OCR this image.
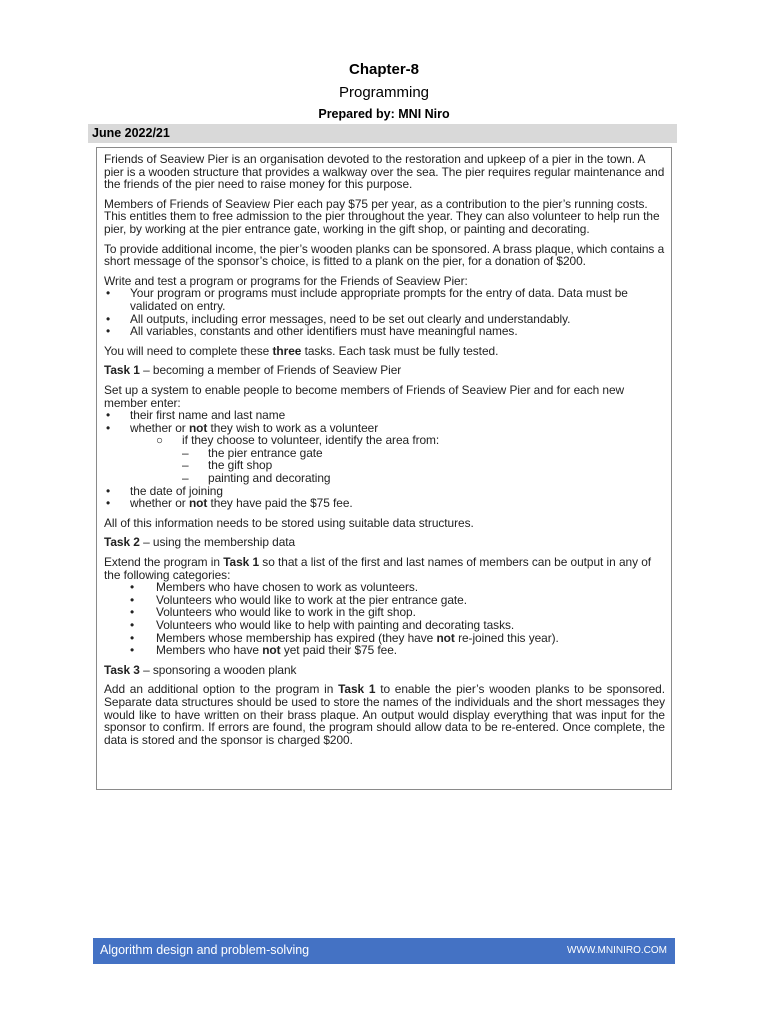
Chapter-8
Programming
Prepared by: MNI Niro
June 2022/21

Friends of Seaview Pier is an organisation devoted to the restoration and upkeep of a pier in the town. A pier is a wooden structure that provides a walkway over the sea. The pier requires regular maintenance and the friends of the pier need to raise money for this purpose.

Members of Friends of Seaview Pier each pay $75 per year, as a contribution to the pier’s running costs. This entitles them to free admission to the pier throughout the year. They can also volunteer to help run the pier, by working at the pier entrance gate, working in the gift shop, or painting and decorating.

To provide additional income, the pier’s wooden planks can be sponsored. A brass plaque, which contains a short message of the sponsor’s choice, is fitted to a plank on the pier, for a donation of $200.

Write and test a program or programs for the Friends of Seaview Pier:
• Your program or programs must include appropriate prompts for the entry of data. Data must be validated on entry.
• All outputs, including error messages, need to be set out clearly and understandably.
• All variables, constants and other identifiers must have meaningful names.

You will need to complete these three tasks. Each task must be fully tested.

Task 1 – becoming a member of Friends of Seaview Pier

Set up a system to enable people to become members of Friends of Seaview Pier and for each new member enter:
• their first name and last name
• whether or not they wish to work as a volunteer
○ if they choose to volunteer, identify the area from:
– the pier entrance gate
– the gift shop
– painting and decorating
• the date of joining
• whether or not they have paid the $75 fee.

All of this information needs to be stored using suitable data structures.

Task 2 – using the membership data

Extend the program in Task 1 so that a list of the first and last names of members can be output in any of the following categories:
• Members who have chosen to work as volunteers.
• Volunteers who would like to work at the pier entrance gate.
• Volunteers who would like to work in the gift shop.
• Volunteers who would like to help with painting and decorating tasks.
• Members whose membership has expired (they have not re-joined this year).
• Members who have not yet paid their $75 fee.

Task 3 – sponsoring a wooden plank

Add an additional option to the program in Task 1 to enable the pier’s wooden planks to be sponsored. Separate data structures should be used to store the names of the individuals and the short messages they would like to have written on their brass plaque. An output would display everything that was input for the sponsor to confirm. If errors are found, the program should allow data to be re-entered. Once complete, the data is stored and the sponsor is charged $200.

Algorithm design and problem-solving	WWW.MNINIRO.COM
